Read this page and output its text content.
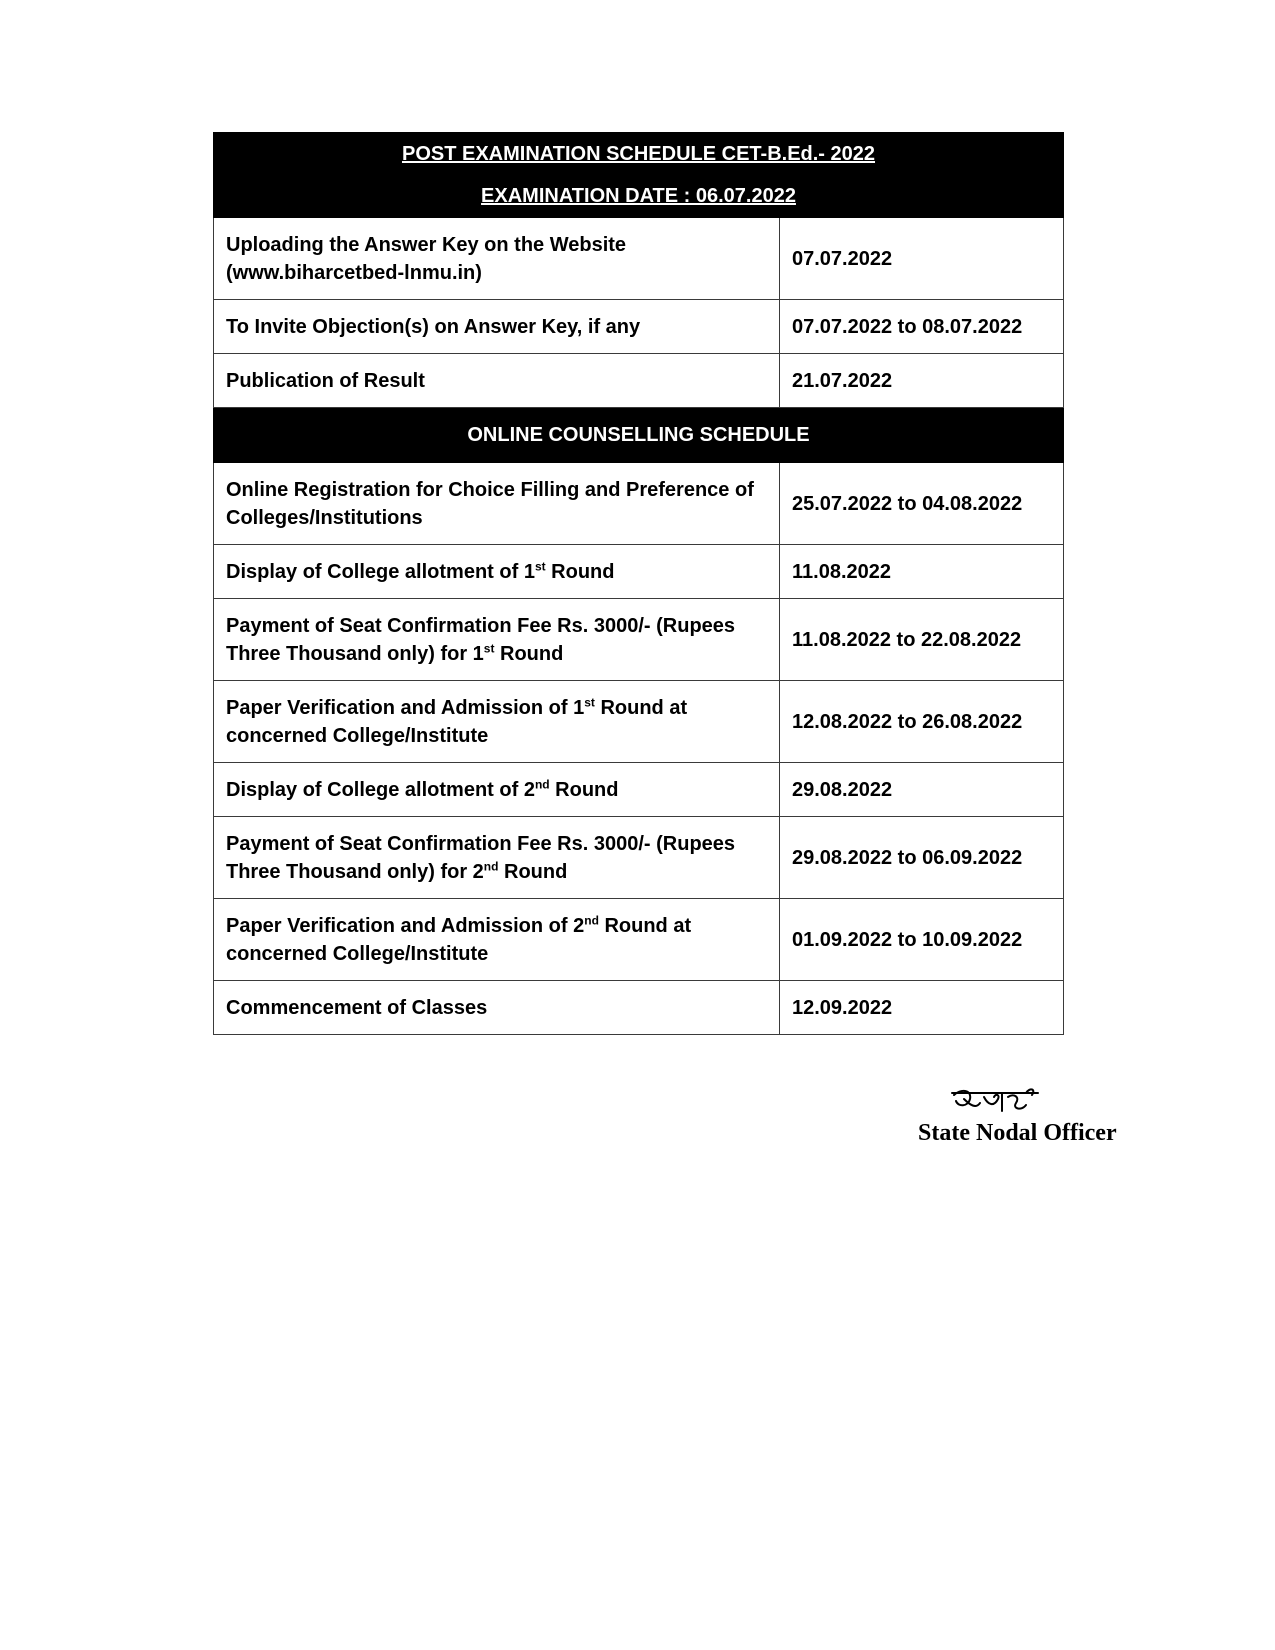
POST EXAMINATION SCHEDULE CET-B.Ed.- 2022
EXAMINATION DATE : 06.07.2022	

Uploading the Answer Key on the Website
(www.biharcetbed-lnmu.in)	07.07.2022
To Invite Objection(s) on Answer Key, if any	07.07.2022 to 08.07.2022
Publication of Result	21.07.2022
ONLINE COUNSELLING SCHEDULE	

Online Registration for Choice Filling and Preference of
Colleges/Institutions	25.07.2022 to 04.08.2022
Display of College allotment of 1st Round	11.08.2022

Payment of Seat Confirmation Fee Rs. 3000/- (Rupees
Three Thousand only) for 1st Round	11.08.2022 to 22.08.2022

Paper Verification and Admission of 1st Round at
concerned College/Institute	12.08.2022 to 26.08.2022
Display of College allotment of 2nd Round	29.08.2022

Payment of Seat Confirmation Fee Rs. 3000/- (Rupees
Three Thousand only) for 2nd Round	29.08.2022 to 06.09.2022

Paper Verification and Admission of 2nd Round at
concerned College/Institute	01.09.2022 to 10.09.2022
Commencement of Classes	12.09.2022
State Nodal Officer
